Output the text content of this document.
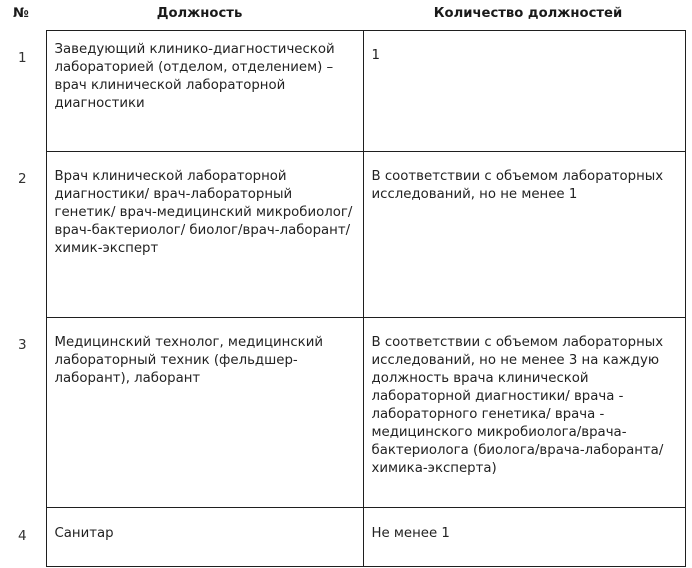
№	Должность	Количество должностей
1	Заведующий клинико-диагностической лабораторией (отделом, отделением) – врач клинической лабораторной диагностики	1
2	Врач клинической лабораторной диагностики/ врач-лабораторный генетик/ врач-медицинский микробиолог/ врач-бактериолог/ биолог/врач-лаборант/химик-эксперт	В соответствии с объемом лабораторных исследований, но не менее 1
3	Медицинский технолог, медицинский лабораторный техник (фельдшер-лаборант), лаборант	В соответствии с объемом лабораторных исследований, но не менее 3 на каждую должность врача клинической лабораторной диагностики/ врача - лабораторного генетика/ врача - медицинского микробиолога/врача-бактериолога (биолога/врача-лаборанта/ химика-эксперта)
4	Санитар	Не менее 1
